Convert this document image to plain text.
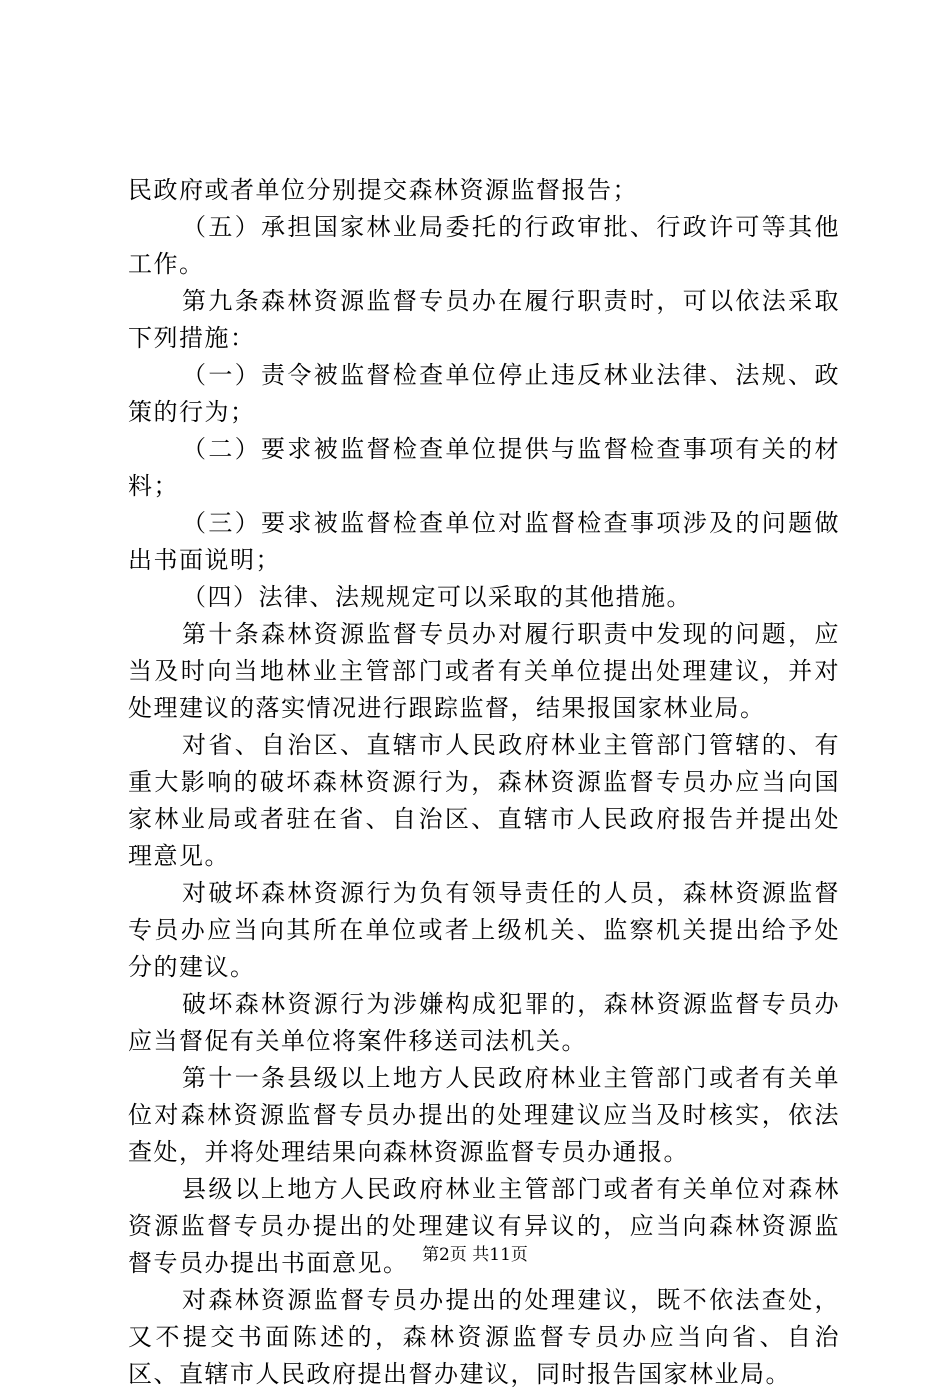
民政府或者单位分别提交森林资源监督报告；

（五）承担国家林业局委托的行政审批、行政许可等其他工作。

第九条森林资源监督专员办在履行职责时，可以依法采取下列措施：

（一）责令被监督检查单位停止违反林业法律、法规、政策的行为；

（二）要求被监督检查单位提供与监督检查事项有关的材料；

（三）要求被监督检查单位对监督检查事项涉及的问题做出书面说明；

（四）法律、法规规定可以采取的其他措施。

第十条森林资源监督专员办对履行职责中发现的问题，应当及时向当地林业主管部门或者有关单位提出处理建议，并对处理建议的落实情况进行跟踪监督，结果报国家林业局。

对省、自治区、直辖市人民政府林业主管部门管辖的、有重大影响的破坏森林资源行为，森林资源监督专员办应当向国家林业局或者驻在省、自治区、直辖市人民政府报告并提出处理意见。

对破坏森林资源行为负有领导责任的人员，森林资源监督专员办应当向其所在单位或者上级机关、监察机关提出给予处分的建议。

破坏森林资源行为涉嫌构成犯罪的，森林资源监督专员办应当督促有关单位将案件移送司法机关。

第十一条县级以上地方人民政府林业主管部门或者有关单位对森林资源监督专员办提出的处理建议应当及时核实，依法查处，并将处理结果向森林资源监督专员办通报。

县级以上地方人民政府林业主管部门或者有关单位对森林资源监督专员办提出的处理建议有异议的，应当向森林资源监督专员办提出书面意见。

对森林资源监督专员办提出的处理建议，既不依法查处，又不提交书面陈述的，森林资源监督专员办应当向省、自治区、直辖市人民政府提出督办建议，同时报告国家林业局。

第2页 共11页
